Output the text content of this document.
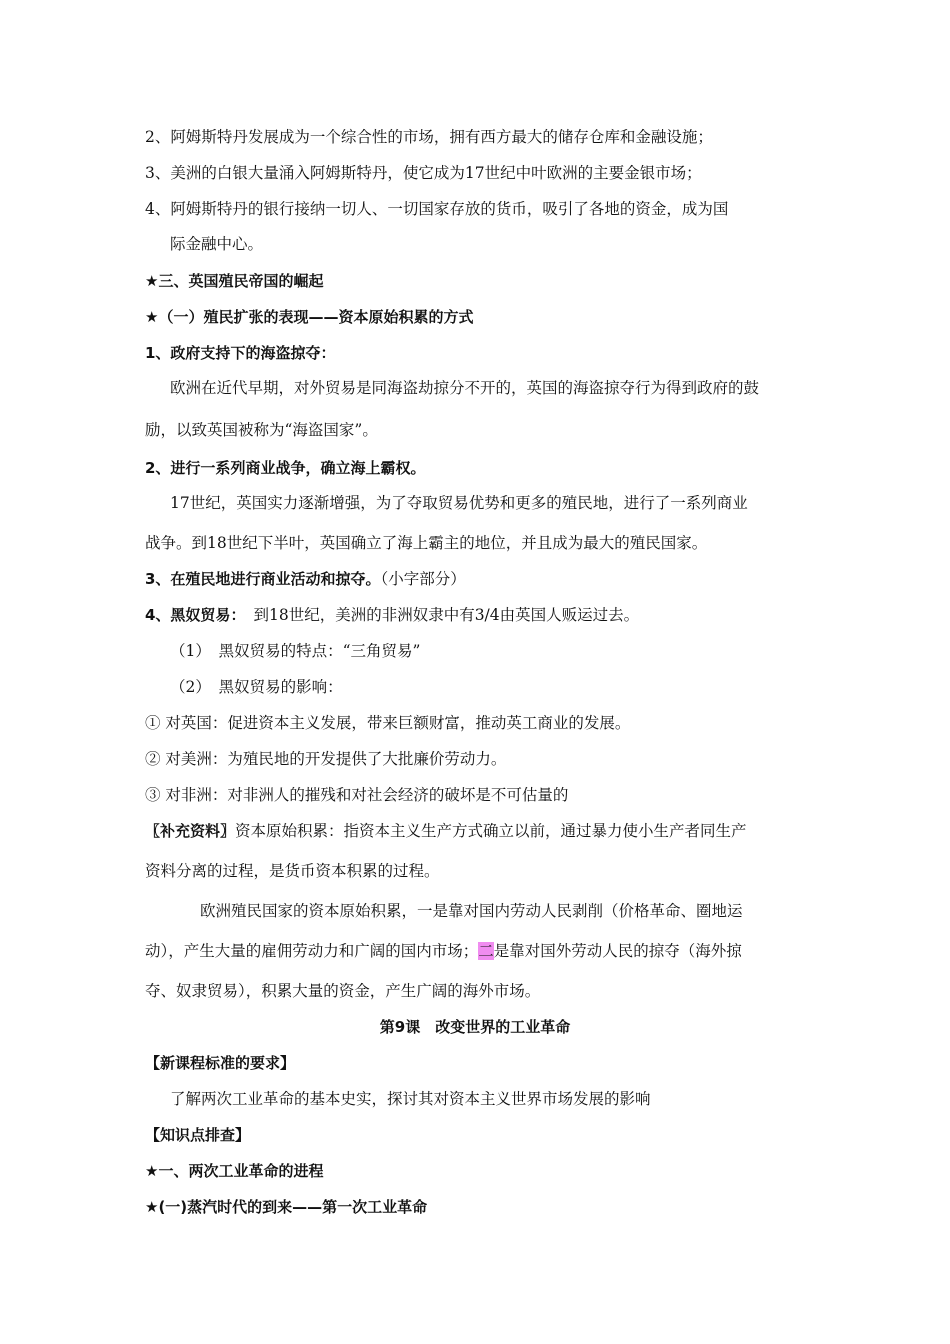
2、阿姆斯特丹发展成为一个综合性的市场，拥有西方最大的储存仓库和金融设施；
3、美洲的白银大量涌入阿姆斯特丹，使它成为17世纪中叶欧洲的主要金银市场；
4、阿姆斯特丹的银行接纳一切人、一切国家存放的货币，吸引了各地的资金，成为国
际金融中心。
★三、英国殖民帝国的崛起
★（一）殖民扩张的表现——资本原始积累的方式
1、政府支持下的海盗掠夺：
欧洲在近代早期，对外贸易是同海盗劫掠分不开的，英国的海盗掠夺行为得到政府的鼓
励，以致英国被称为“海盗国家”。
2、进行一系列商业战争，确立海上霸权。
17世纪，英国实力逐渐增强，为了夺取贸易优势和更多的殖民地，进行了一系列商业
战争。到18世纪下半叶，英国确立了海上霸主的地位，并且成为最大的殖民国家。
3、在殖民地进行商业活动和掠夺。（小字部分）
4、黑奴贸易：　 到18世纪，美洲的非洲奴隶中有3/4由英国人贩运过去。
（1）　黑奴贸易的特点：“三角贸易”
（2）　黑奴贸易的影响：
① 对英国：促进资本主义发展，带来巨额财富，推动英工商业的发展。
② 对美洲：为殖民地的开发提供了大批廉价劳动力。
③ 对非洲：对非洲人的摧残和对社会经济的破坏是不可估量的
〖补充资料〗资本原始积累：指资本主义生产方式确立以前，通过暴力使小生产者同生产
资料分离的过程，是货币资本积累的过程。
欧洲殖民国家的资本原始积累，一是靠对国内劳动人民剥削（价格革命、圈地运
动），产生大量的雇佣劳动力和广阔的国内市场；二是靠对国外劳动人民的掠夺（海外掠
夺、奴隶贸易），积累大量的资金，产生广阔的海外市场。
第9课　改变世界的工业革命
【新课程标准的要求】
了解两次工业革命的基本史实，探讨其对资本主义世界市场发展的影响
【知识点排查】
★一、两次工业革命的进程
★(一)蒸汽时代的到来——第一次工业革命
